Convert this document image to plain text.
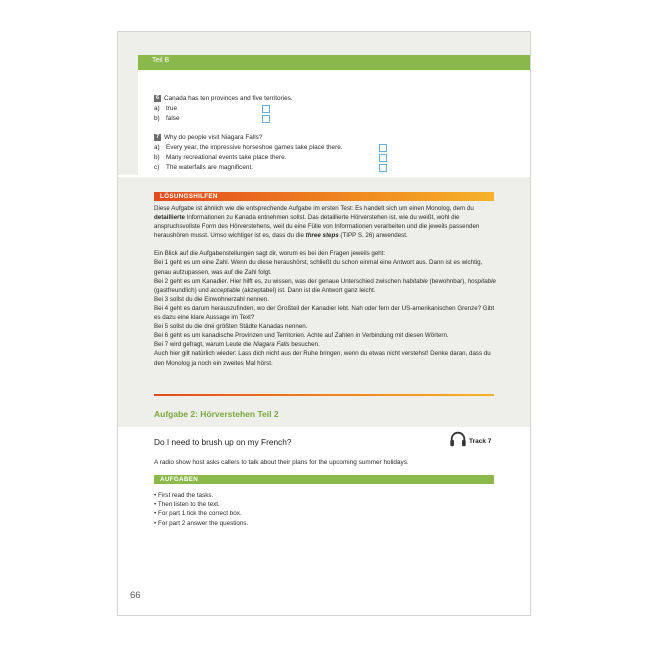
Teil B
6 Canada has ten provinces and five territories.
a) true
b) false
7 Why do people visit Niagara Falls?
a) Every year, the impressive horseshoe games take place there.
b) Many recreational events take place there.
c) The waterfalls are magnificent.
LÖSUNGSHILFEN

Diese Aufgabe ist ähnlich wie die entsprechende Aufgabe im ersten Test: Es handelt sich um einen Monolog, dem du detaillierte Informationen zu Kanada entnehmen sollst. Das detaillierte Hörverstehen ist, wie du weißt, wohl die anspruchsvollste Form des Hörverstehens, weil du eine Fülle von Informationen verarbeiten und die jeweils passenden heraushören musst. Umso wichtiger ist es, dass du die three steps (TIPP S. 26) anwendest.

Ein Blick auf die Aufgabenstellungen sagt dir, worum es bei den Fragen jeweils geht:

Bei 1 geht es um eine Zahl. Wenn du diese heraushörst, schließt du schon einmal eine Antwort aus. Dann ist es wichtig, genau aufzupassen, was auf die Zahl folgt.

Bei 2 geht es um Kanadier. Hier hilft es, zu wissen, was der genaue Unterschied zwischen habitable (bewohnbar), hospitable (gastfreundlich) und acceptable (akzeptabel) ist. Dann ist die Antwort ganz leicht.

Bei 3 sollst du die Einwohnerzahl nennen.

Bei 4 geht es darum herauszufinden, wo der Großteil der Kanadier lebt. Nah oder fern der US-amerikanischen Grenze? Gibt es dazu eine klare Aussage im Text?

Bei 5 sollst du die drei größten Städte Kanadas nennen.

Bei 6 geht es um kanadische Provinzen und Territorien. Achte auf Zahlen in Verbindung mit diesen Wörtern.

Bei 7 wird gefragt, warum Leute die Niagara Falls besuchen.

Auch hier gilt natürlich wieder: Lass dich nicht aus der Ruhe bringen, wenn du etwas nicht verstehst! Denke daran, dass du den Monolog ja noch ein zweites Mal hörst.

Aufgabe 2: Hörverstehen Teil 2
Do I need to brush up on my French?	Track 7
A radio show host asks callers to talk about their plans for the upcoming summer holidays.
AUFGABEN
• First read the tasks.
• Then listen to the text.
• For part 1 tick the correct box.
• For part 2 answer the questions.
66
